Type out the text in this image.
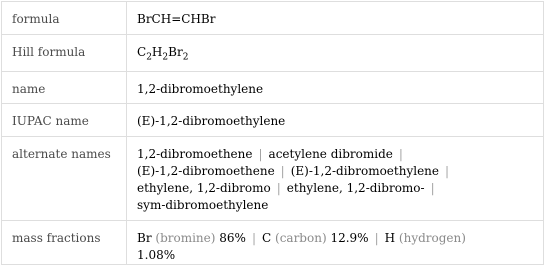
formula	BrCH=CHBr
Hill formula	$C_2H_2Br_2$
name	1,2-dibromoethylene
IUPAC name	(E)-1,2-dibromoethylene
alternate names	1,2-dibromoethene | acetylene dibromide |
(E)-1,2-dibromoethene | (E)-1,2-dibromoethylene |
ethylene, 1,2-dibromo | ethylene, 1,2-dibromo- |
sym-dibromoethylene
mass fractions	Br (bromine) 86% | C (carbon) 12.9% | H (hydrogen)
1.08%
